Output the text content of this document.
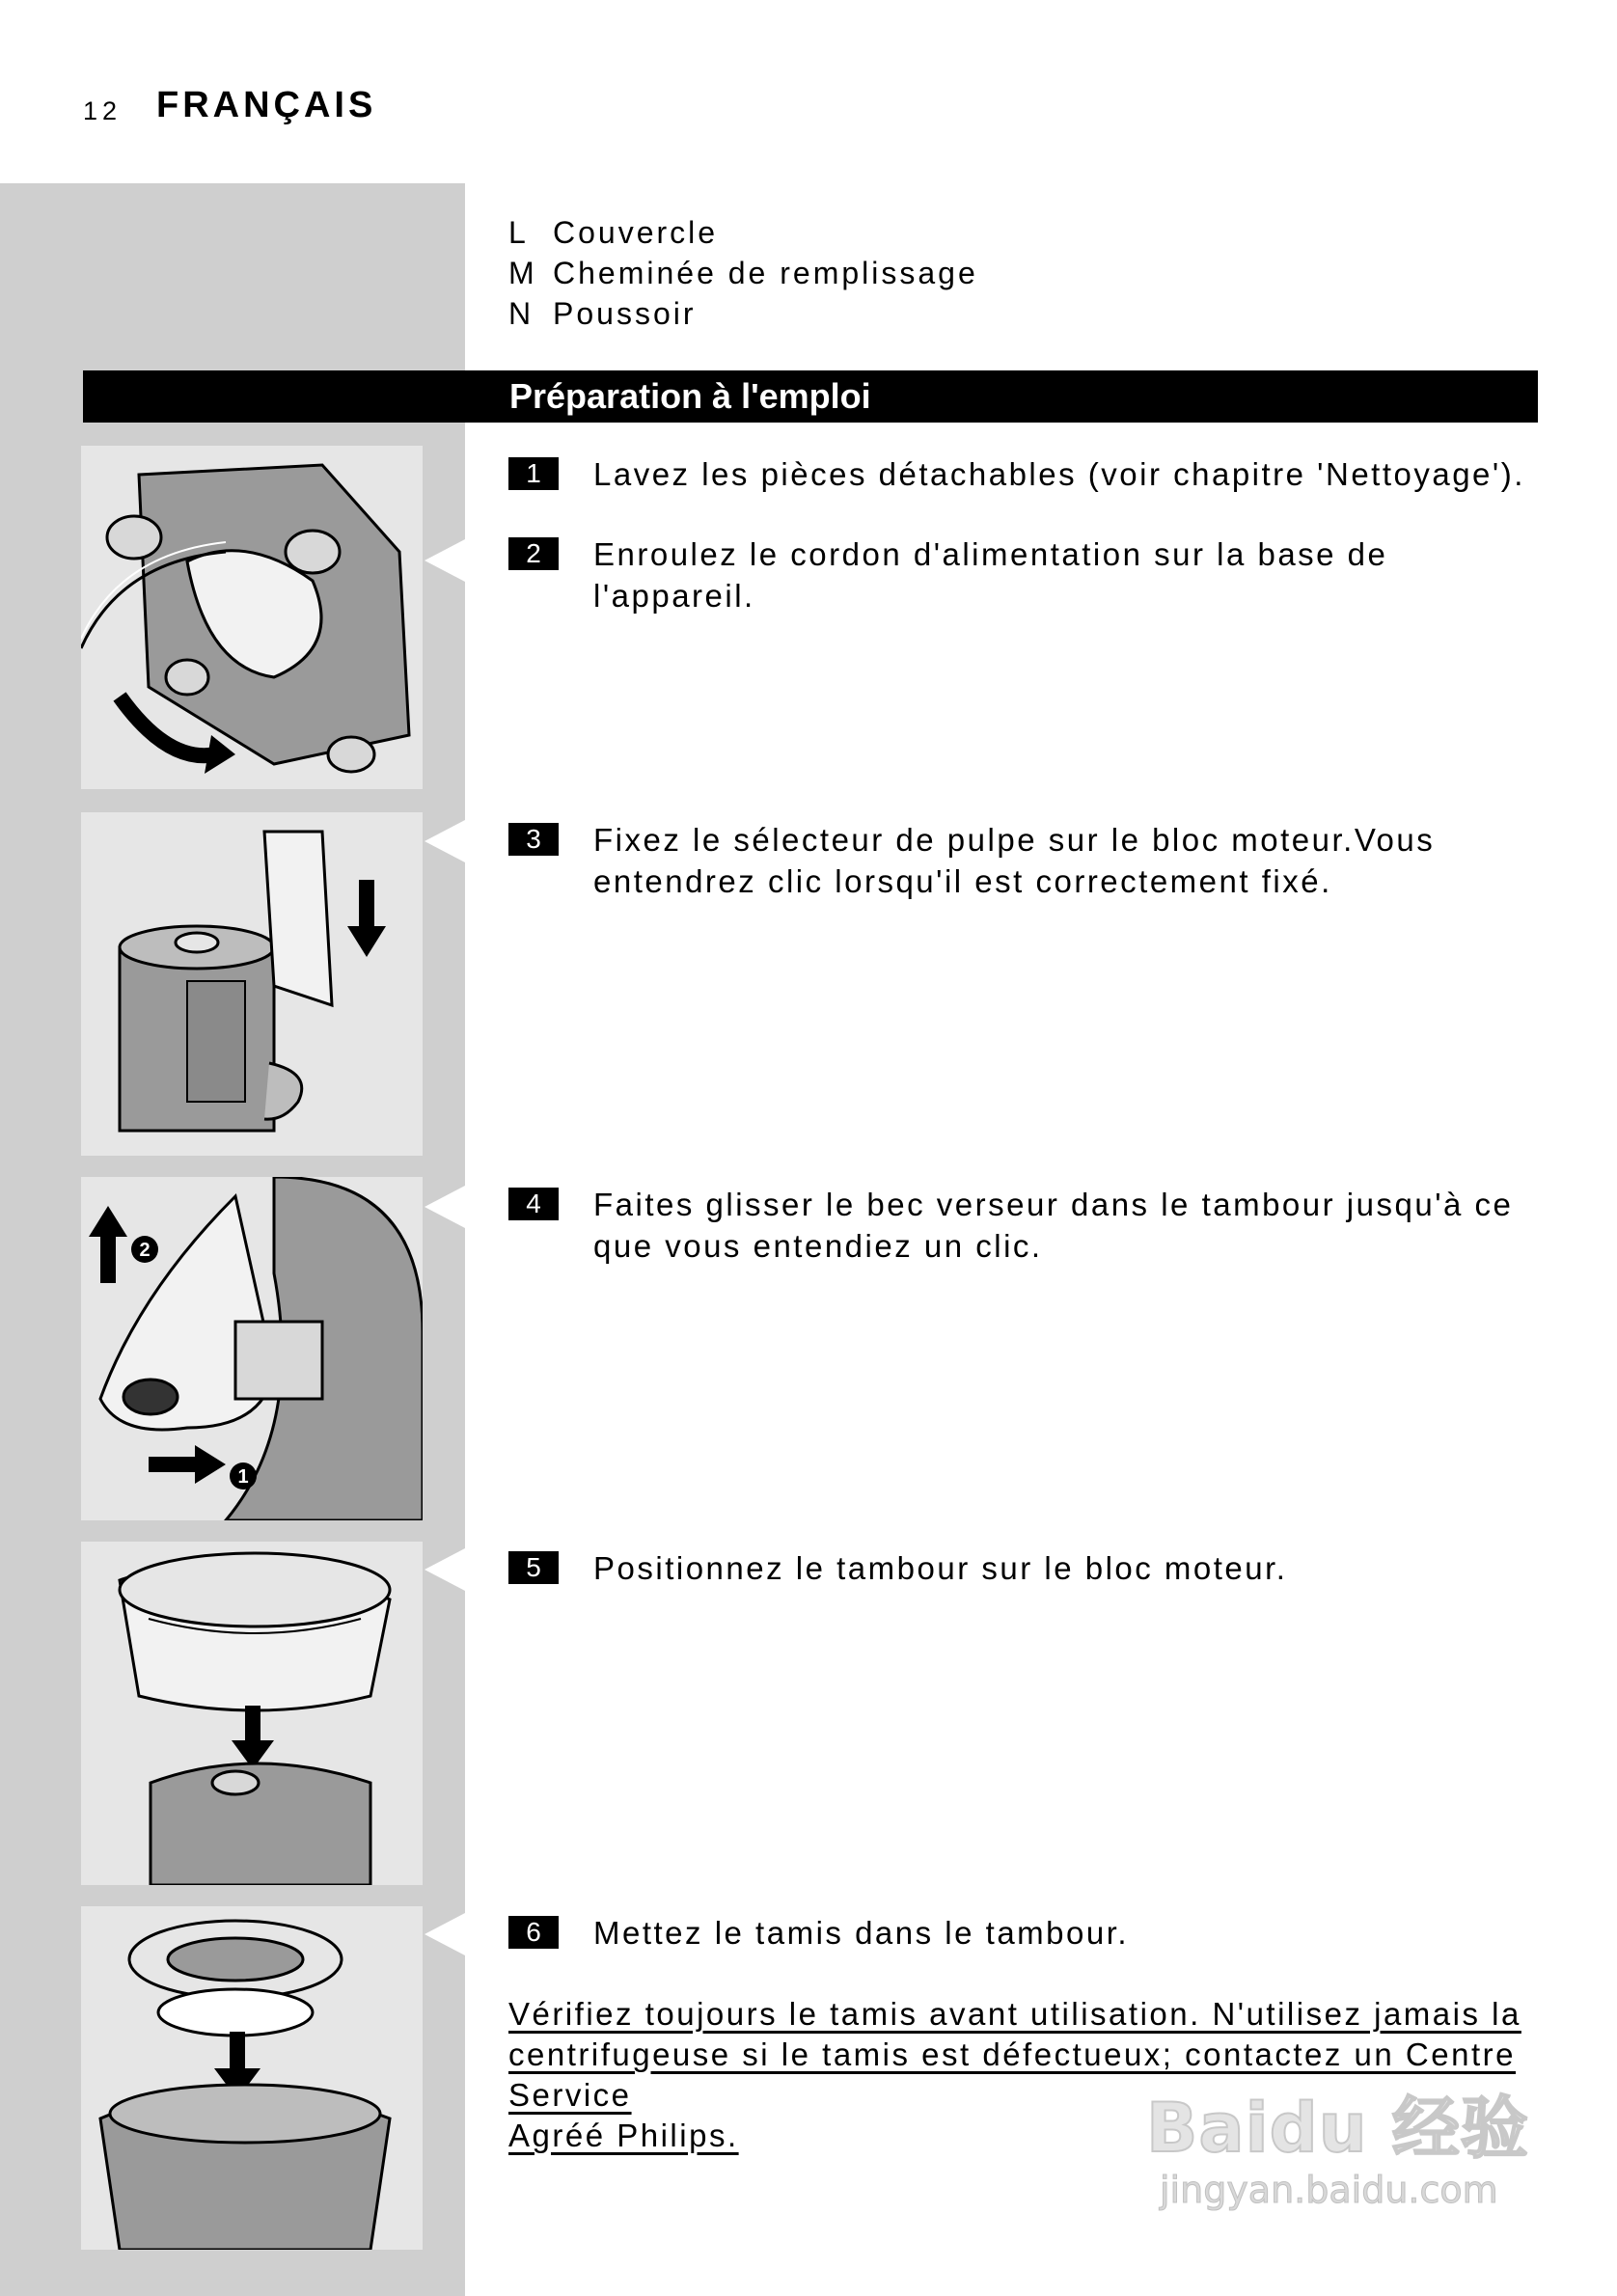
12 FRANÇAIS
L Couvercle
M Cheminée de remplissage
N Poussoir
Préparation à l'emploi
2
1
1	Lavez les pièces détachables (voir chapitre 'Nettoyage').
2	Enroulez le cordon d'alimentation sur la base de l'appareil.
3	Fixez le sélecteur de pulpe sur le bloc moteur.Vous entendrez clic lorsqu'il est correctement fixé.
4	Faites glisser le bec verseur dans le tambour jusqu'à ce que vous entendiez un clic.
5	Positionnez le tambour sur le bloc moteur.
6	Mettez le tamis dans le tambour.
Vérifiez toujours le tamis avant utilisation. N'utilisez jamais la
centrifugeuse si le tamis est défectueux; contactez un Centre Service
Agréé Philips.	Baidu 经验
jingyan.baidu.com
